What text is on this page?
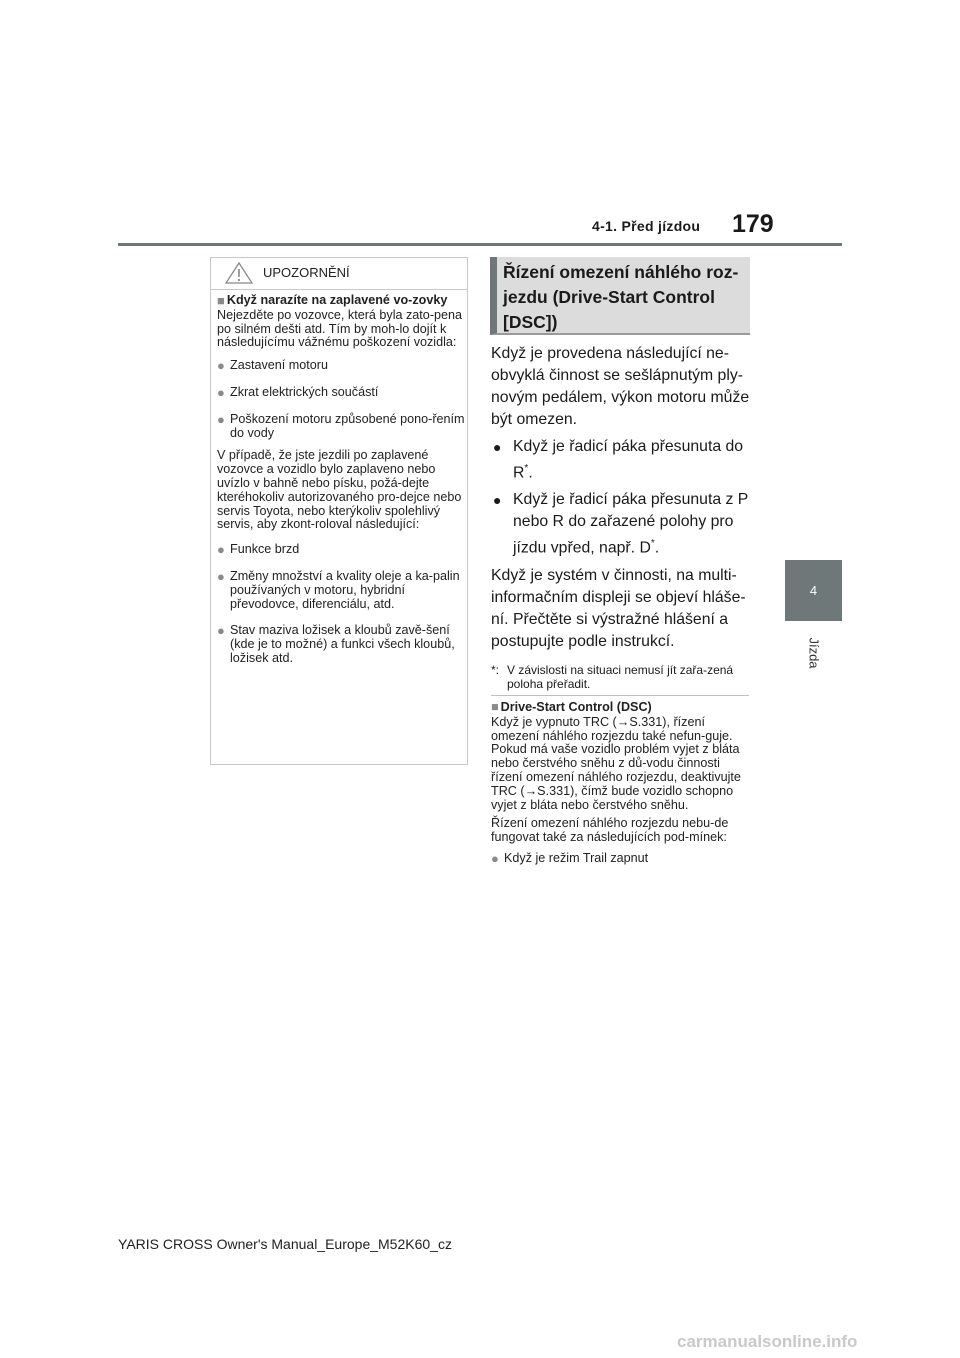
4-1. Před jízdou 179
4
Jízda
UPOZORNĚNÍ
■ Když narazíte na zaplavené vo-zovky

Nejezděte po vozovce, která byla zato-pena po silném dešti atd. Tím by moh-lo dojít k následujícímu vážnému poškození vozidla:

● Zastavení motoru
● Zkrat elektrických součástí
● Poškození motoru způsobené pono-řením do vody

V případě, že jste jezdili po zaplavené vozovce a vozidlo bylo zaplaveno nebo uvízlo v bahně nebo písku, požá-dejte kteréhokoliv autorizovaného pro-dejce nebo servis Toyota, nebo kterýkoliv spolehlivý servis, aby zkont-roloval následující:

● Funkce brzd
● Změny množství a kvality oleje a ka-palin používaných v motoru, hybridní převodovce, diferenciálu, atd.
● Stav maziva ložisek a kloubů zavě-šení (kde je to možné) a funkci všech kloubů, ložisek atd.
Řízení omezení náhlého roz-jezdu (Drive-Start Control [DSC])

Když je provedena následující ne-obvyklá činnost se sešlápnutým ply-novým pedálem, výkon motoru může být omezen.

● Když je řadicí páka přesunuta do R*.
● Když je řadicí páka přesunuta z P nebo R do zařazené polohy pro jízdu vpřed, např. D*.

Když je systém v činnosti, na multi-informačním displeji se objeví hláše-ní. Přečtěte si výstražné hlášení a postupujte podle instrukcí.

*: V závislosti na situaci nemusí jít zařa-zená poloha přeřadit.
■ Drive-Start Control (DSC)

Když je vypnuto TRC (→S.331), řízení omezení náhlého rozjezdu také nefun-guje. Pokud má vaše vozidlo problém vyjet z bláta nebo čerstvého sněhu z dů-vodu činnosti řízení omezení náhlého rozjezdu, deaktivujte TRC (→S.331), čímž bude vozidlo schopno vyjet z bláta nebo čerstvého sněhu.

Řízení omezení náhlého rozjezdu nebu-de fungovat také za následujících pod-mínek:

● Když je režim Trail zapnut
YARIS CROSS Owner's Manual_Europe_M52K60_cz
carmanualsonline.info
